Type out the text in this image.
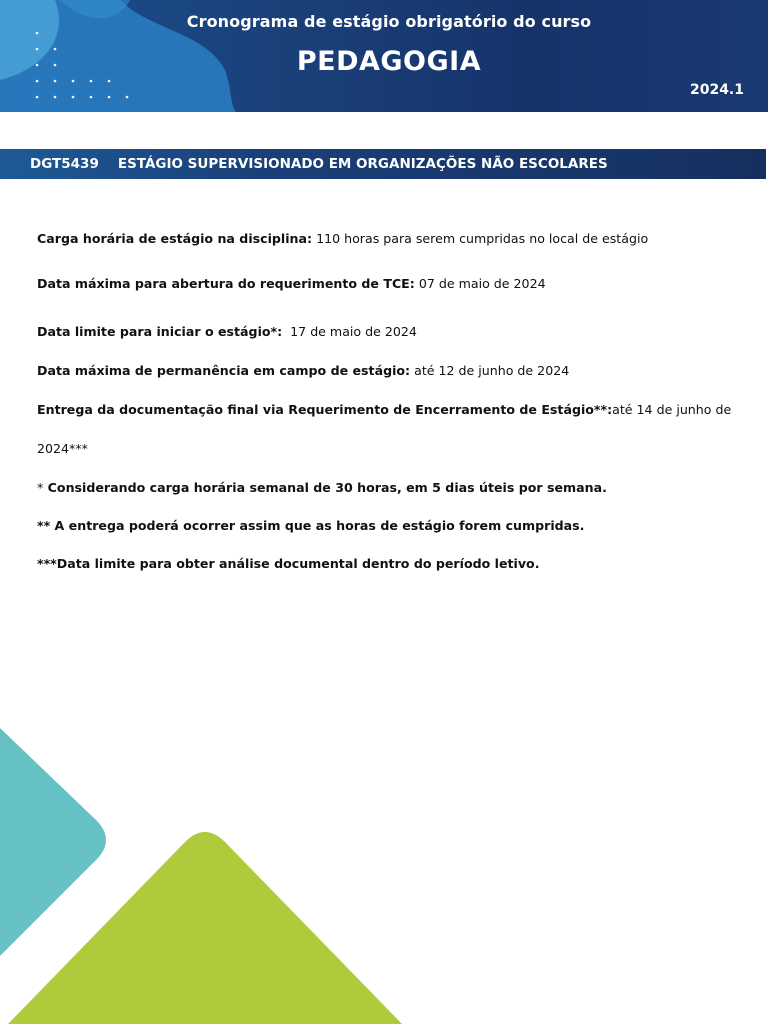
Cronograma de estágio obrigatório do curso
PEDAGOGIA
2024.1
DGT5439 ESTÁGIO SUPERVISIONADO EM ORGANIZAÇÕES NÃO ESCOLARES
Carga horária de estágio na disciplina: 110 horas para serem cumpridas no local de estágio
Data máxima para abertura do requerimento de TCE: 07 de maio de 2024
Data limite para iniciar o estágio*:  17 de maio de 2024
Data máxima de permanência em campo de estágio: até 12 de junho de 2024
Entrega da documentação final via Requerimento de Encerramento de Estágio**: até 14 de junho de
2024***
* Considerando carga horária semanal de 30 horas, em 5 dias úteis por semana.
** A entrega poderá ocorrer assim que as horas de estágio forem cumpridas.
***Data limite para obter análise documental dentro do período letivo.
